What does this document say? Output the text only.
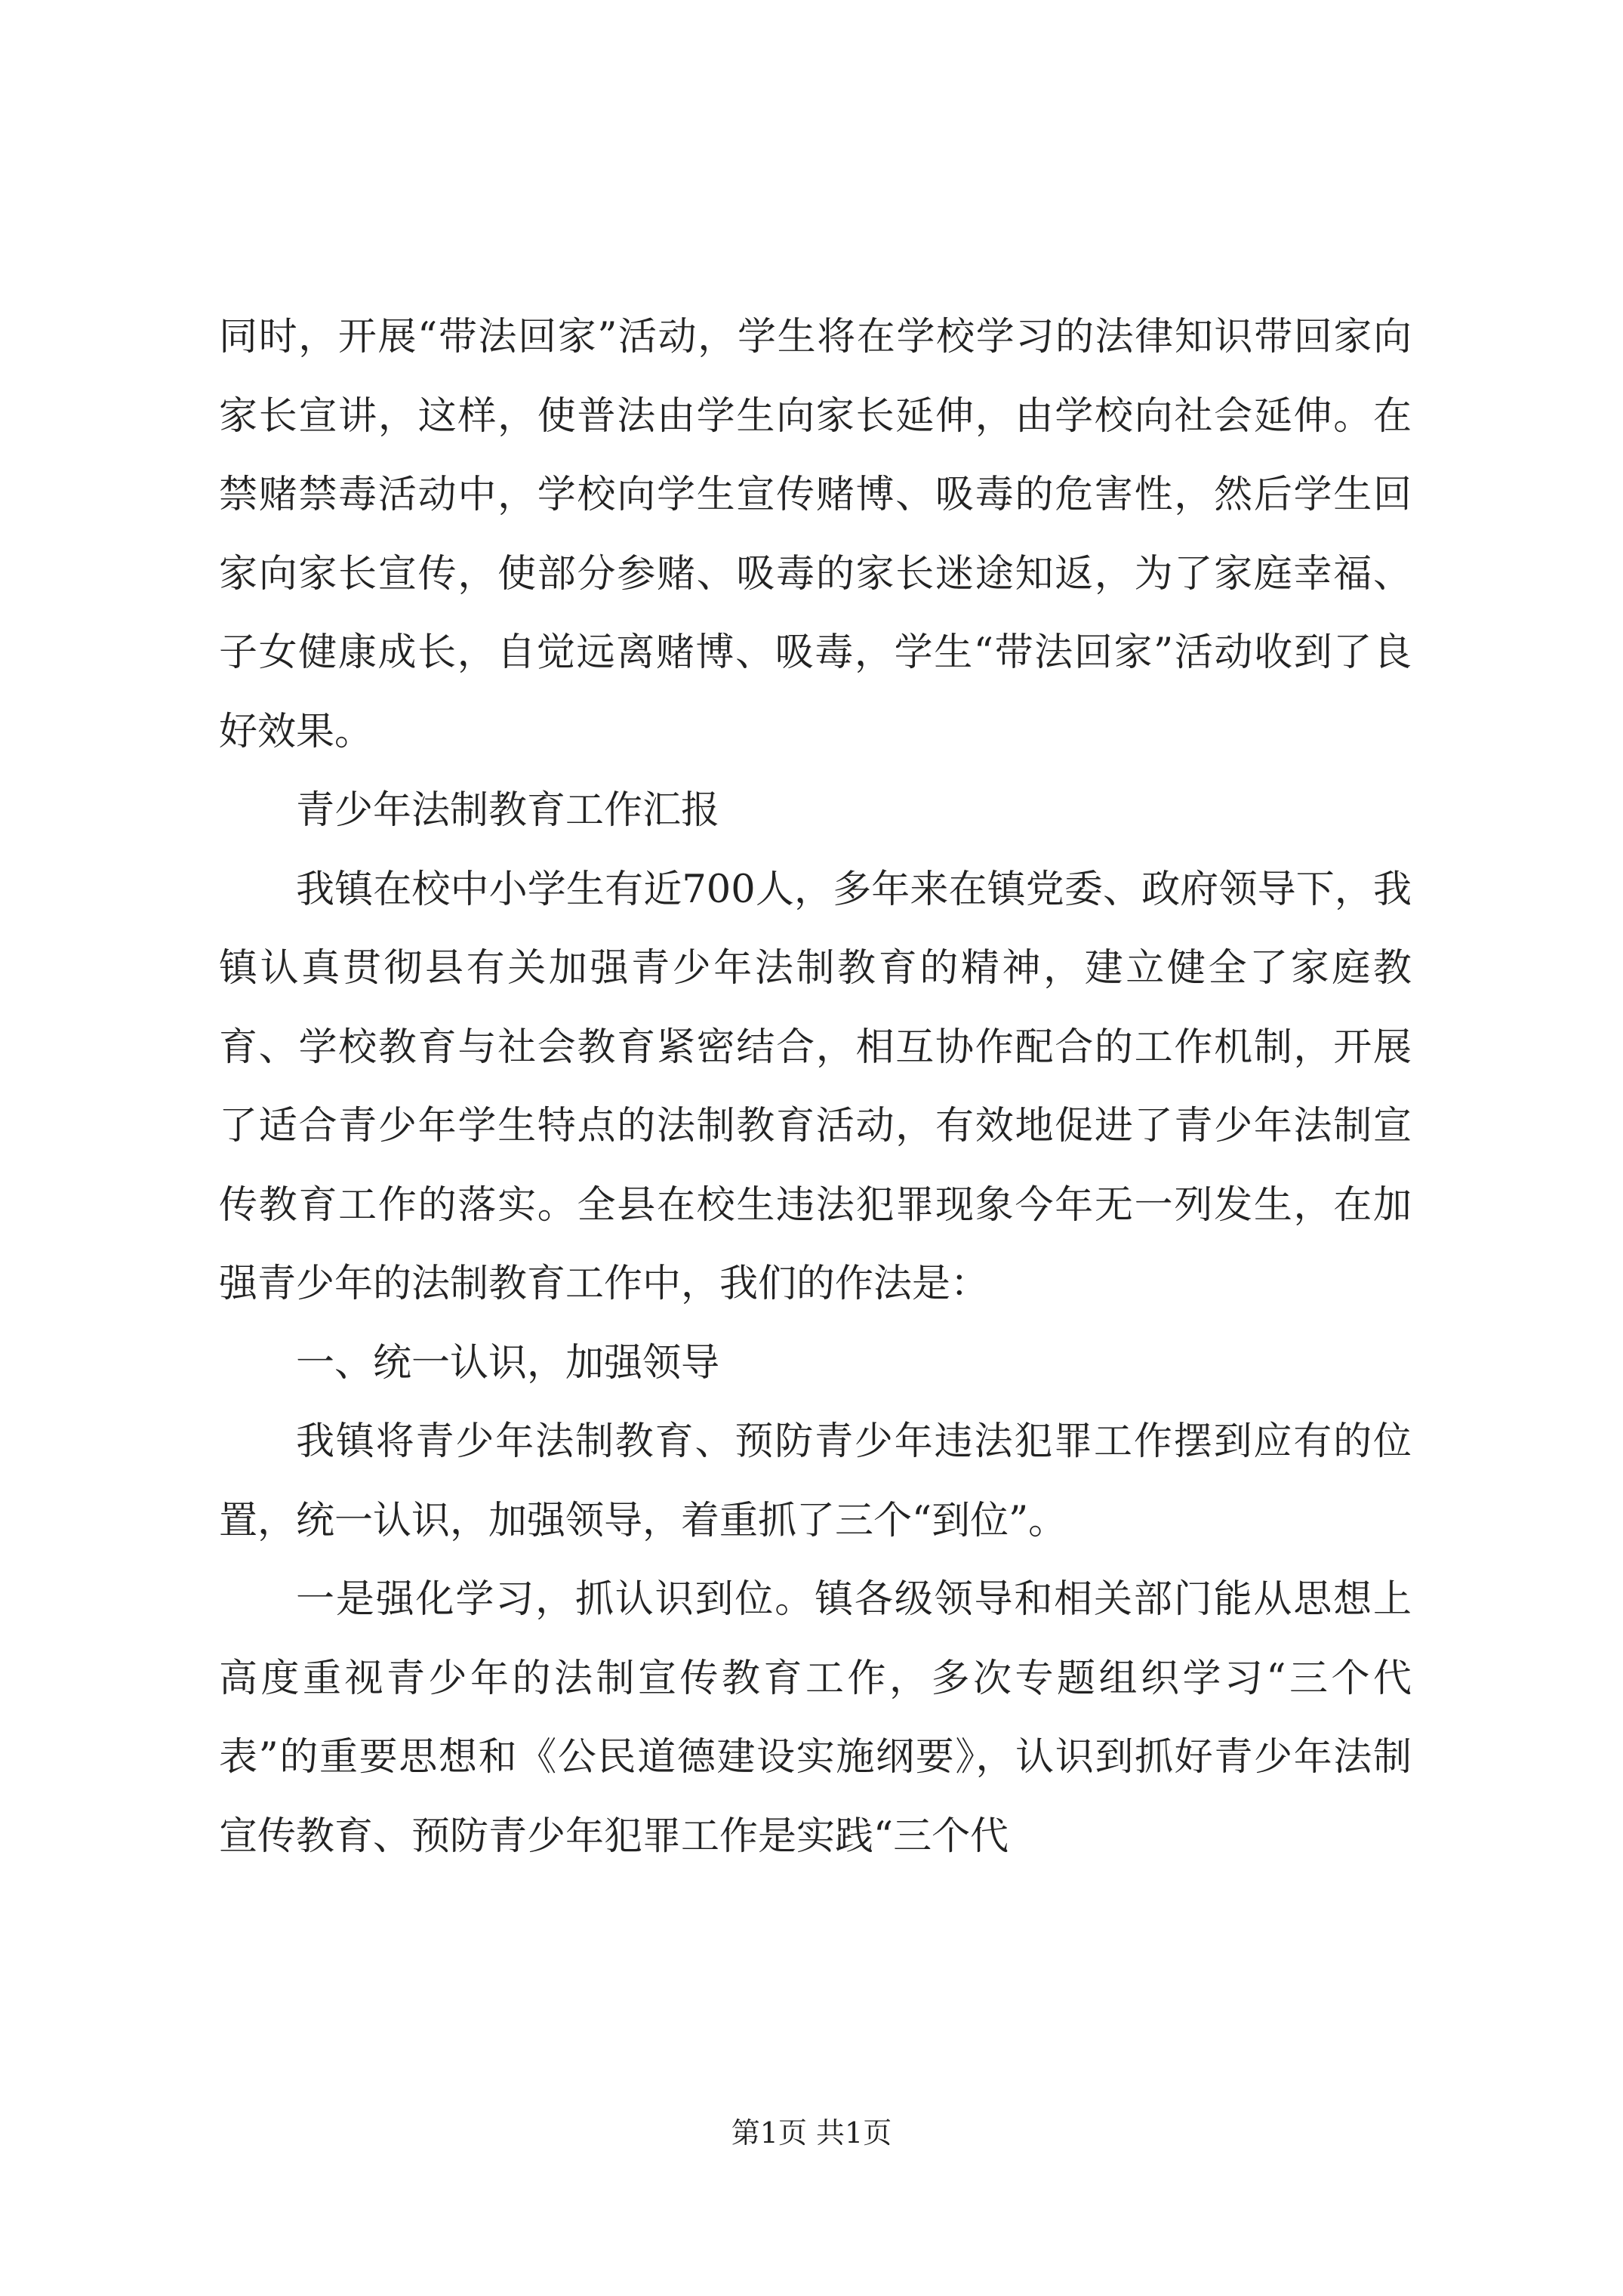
同时，开展“带法回家”活动，学生将在学校学习的法律知识带回家向家长宣讲，这样，使普法由学生向家长延伸，由学校向社会延伸。在禁赌禁毒活动中，学校向学生宣传赌博、吸毒的危害性，然后学生回家向家长宣传，使部分参赌、吸毒的家长迷途知返，为了家庭幸福、子女健康成长，自觉远离赌博、吸毒，学生“带法回家”活动收到了良好效果。

青少年法制教育工作汇报

我镇在校中小学生有近700人，多年来在镇党委、政府领导下，我镇认真贯彻县有关加强青少年法制教育的精神，建立健全了家庭教育、学校教育与社会教育紧密结合，相互协作配合的工作机制，开展了适合青少年学生特点的法制教育活动，有效地促进了青少年法制宣传教育工作的落实。全县在校生违法犯罪现象今年无一列发生，在加强青少年的法制教育工作中，我们的作法是：

一、统一认识，加强领导

我镇将青少年法制教育、预防青少年违法犯罪工作摆到应有的位置，统一认识，加强领导，着重抓了三个“到位”。

一是强化学习，抓认识到位。镇各级领导和相关部门能从思想上高度重视青少年的法制宣传教育工作，多次专题组织学习“三个代表”的重要思想和《公民道德建设实施纲要》，认识到抓好青少年法制宣传教育、预防青少年犯罪工作是实践“三个代

第1页 共1页
